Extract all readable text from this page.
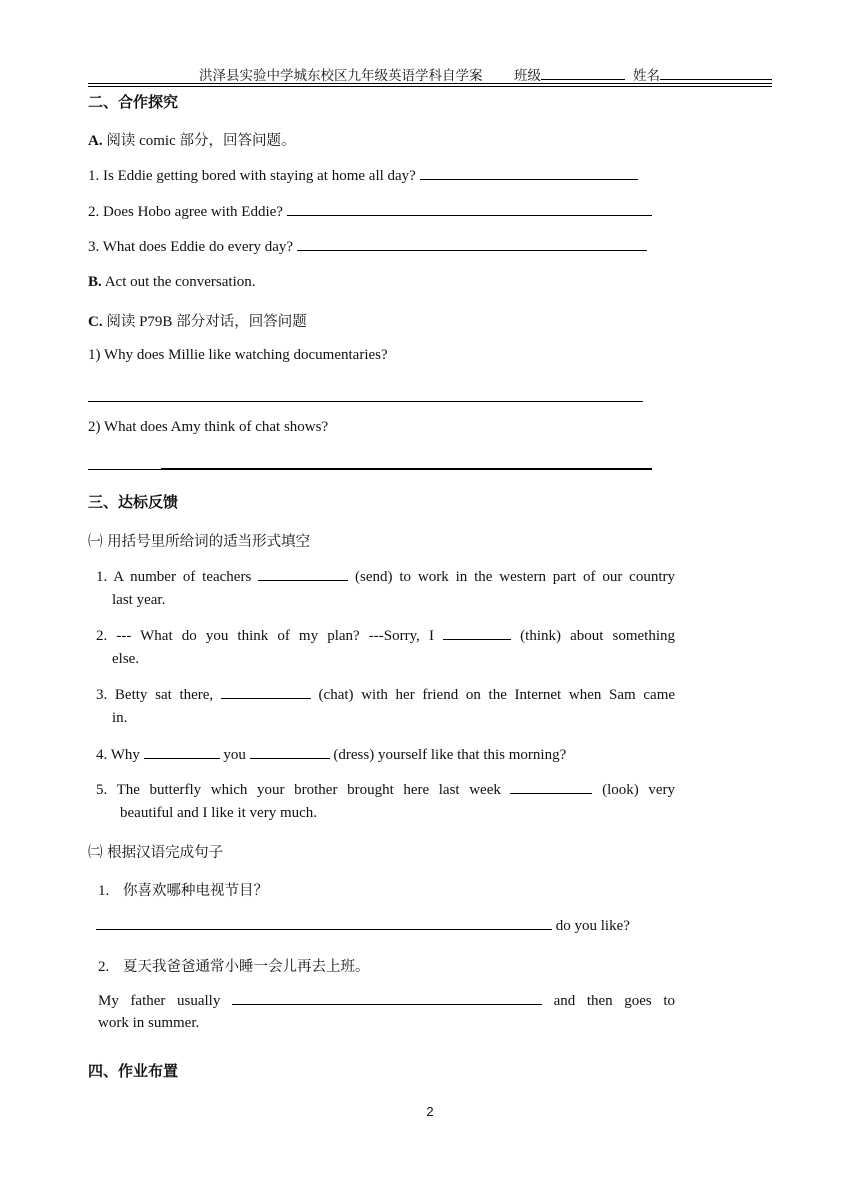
洪泽县实验中学城东校区九年级英语学科自学案 班级	姓名
二、合作探究
A. 阅读 comic 部分，回答问题。
1. Is Eddie getting bored with staying at home all day?
2. Does Hobo agree with Eddie?
3. What does Eddie do every day?
B. Act out the conversation.
C. 阅读 P79B 部分对话，回答问题
1) Why does Millie like watching documentaries?
2) What does Amy think of chat shows?
三、达标反馈
㈠ 用括号里所给词的适当形式填空
1. A number of teachers	(send) to work in the western part of our country
last year.
2. --- What do you think of my plan? ---Sorry, I	(think) about something
else.
3. Betty sat there,	(chat) with her friend on the Internet when Sam came
in.
4. Why	you	(dress) yourself like that this morning?
5. The butterfly which your brother brought here last week	(look) very
beautiful and I like it very much.
㈡ 根据汉语完成句子
1. 你喜欢哪种电视节目？
do you like?
2. 夏天我爸爸通常小睡一会儿再去上班。
My father usually	and then goes to
work in summer.
四、作业布置
2
